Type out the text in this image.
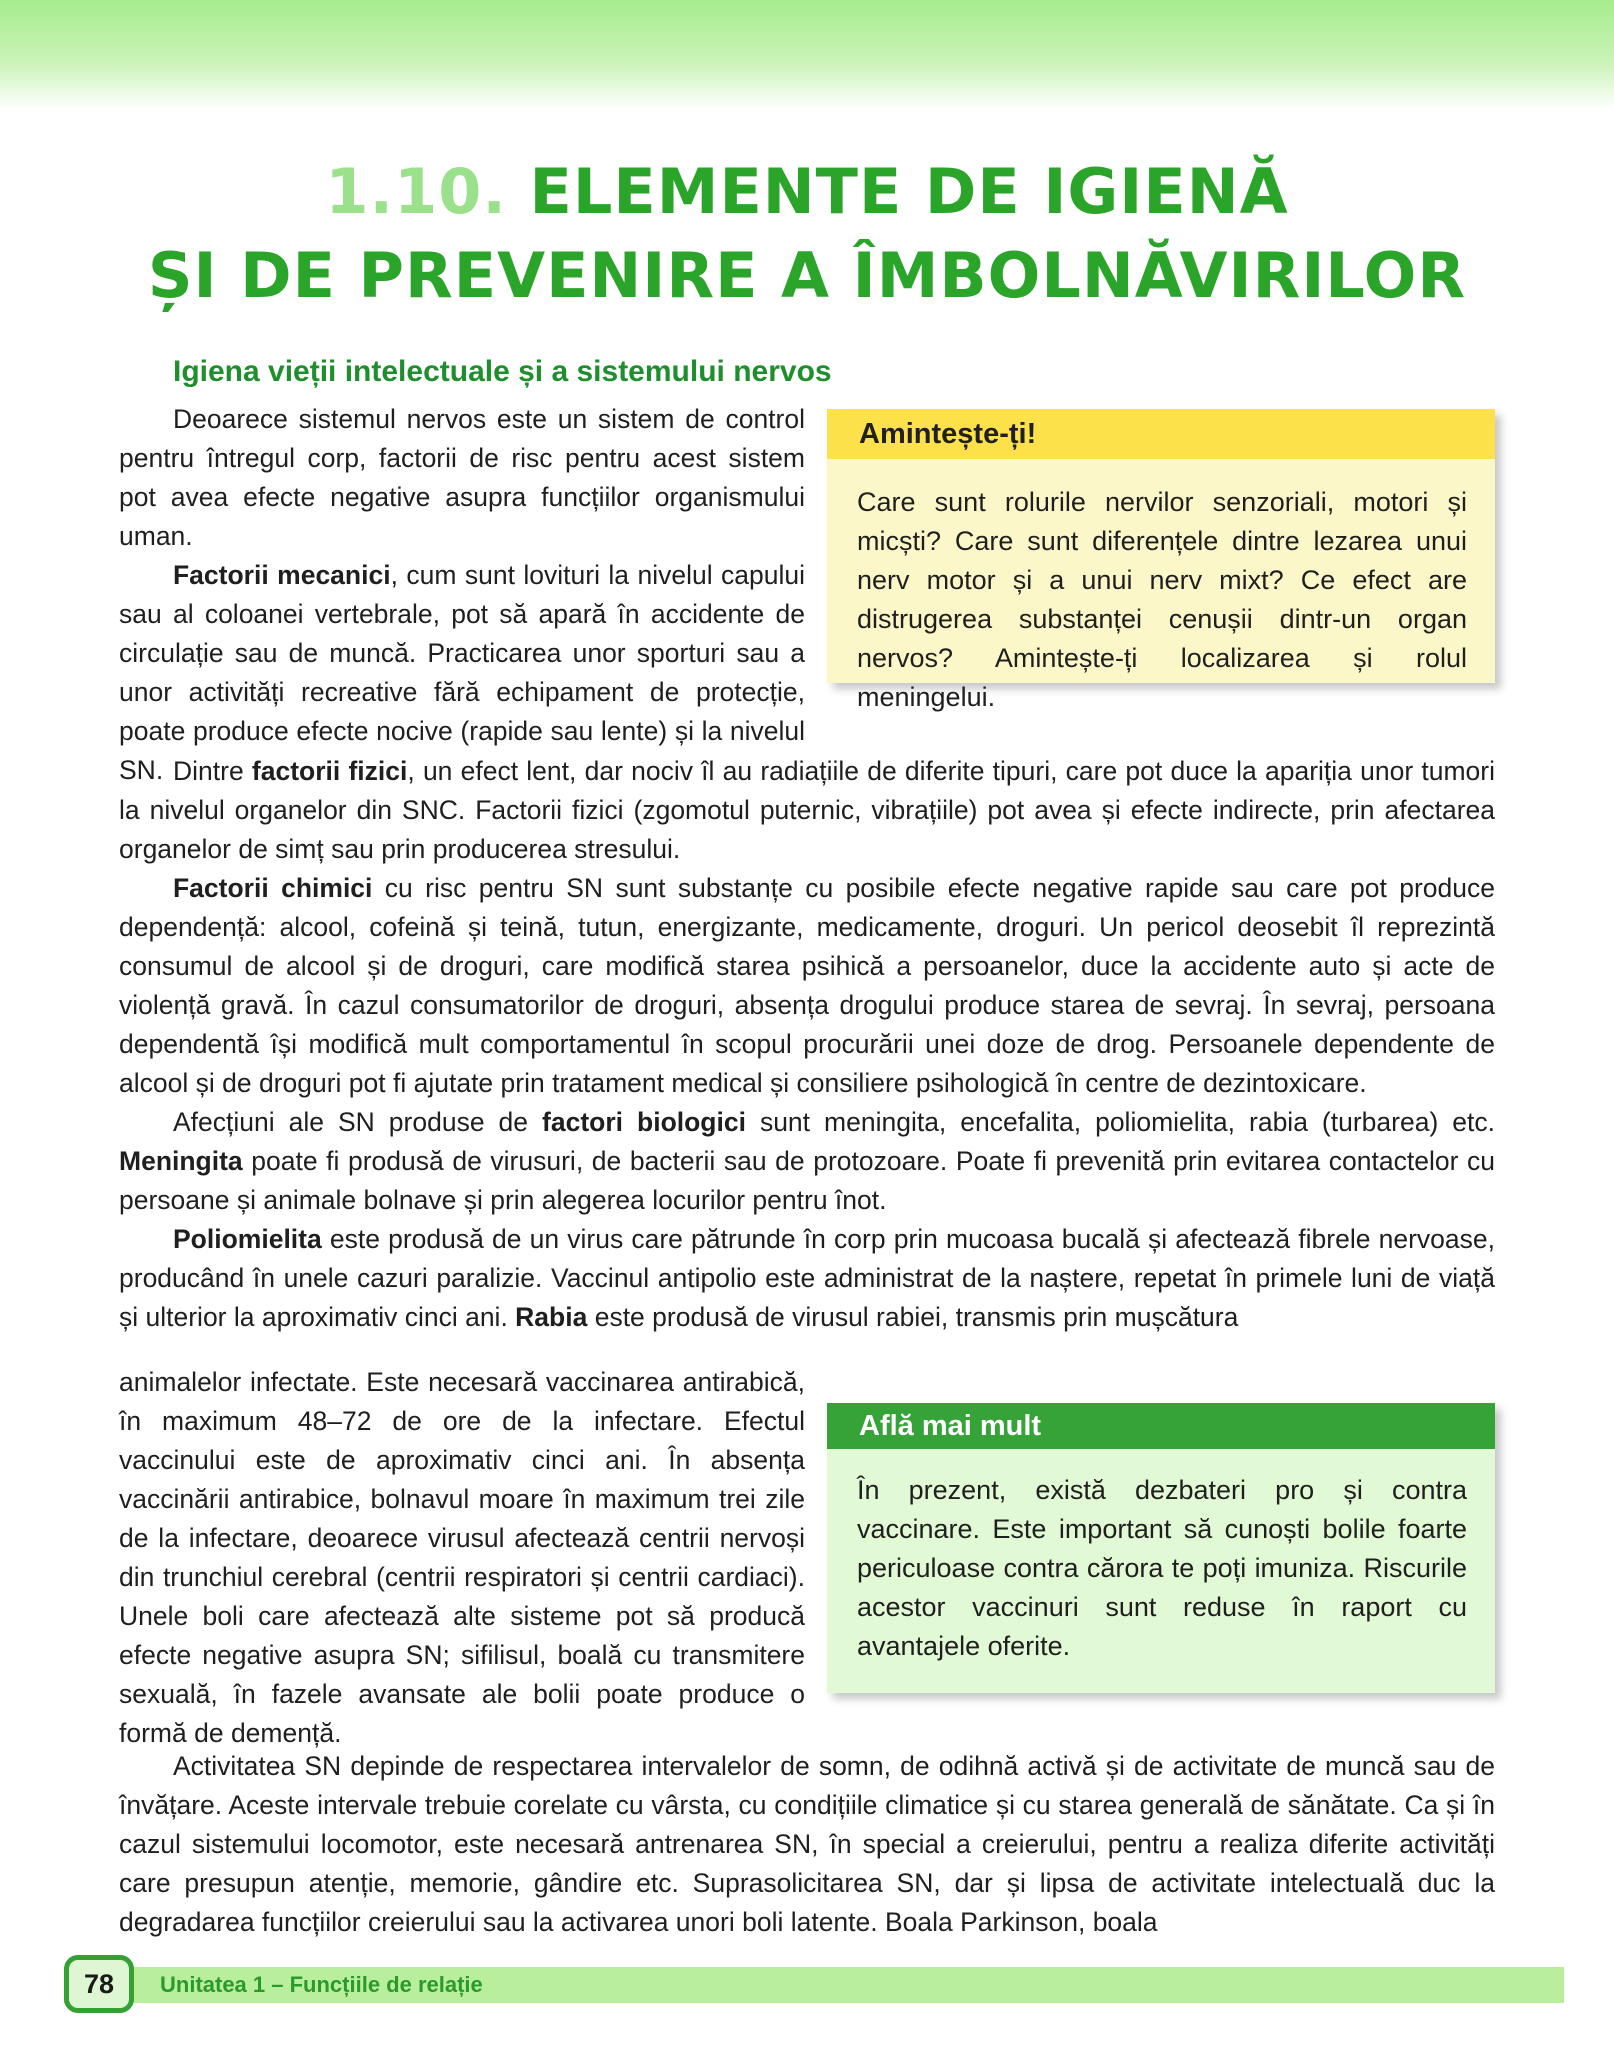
1.10. ELEMENTE DE IGIENĂ
ȘI DE PREVENIRE A ÎMBOLNĂVIRILOR
Igiena vieții intelectuale și a sistemului nervos

Deoarece sistemul nervos este un sistem de control pentru întregul corp, factorii de risc pentru acest sistem pot avea efecte negative asupra funcțiilor organismului uman.

Factorii mecanici, cum sunt lovituri la nivelul capului sau al coloanei vertebrale, pot să apară în accidente de circulație sau de muncă. Practicarea unor sporturi sau a unor activități recreative fără echipament de protecție, poate produce efecte nocive (rapide sau lente) și la nivelul SN.

Amintește-ți!
Care sunt rolurile nervilor senzoriali, motori și micști? Care sunt diferențele dintre lezarea unui nerv motor și a unui nerv mixt? Ce efect are distrugerea substanței cenușii dintr-un organ nervos? Amintește-ți localizarea și rolul meningelui.

Dintre factorii fizici, un efect lent, dar nociv îl au radiațiile de diferite tipuri, care pot duce la apariția unor tumori la nivelul organelor din SNC. Factorii fizici (zgomotul puternic, vibrațiile) pot avea și efecte indirecte, prin afectarea organelor de simț sau prin producerea stresului.

Factorii chimici cu risc pentru SN sunt substanțe cu posibile efecte negative rapide sau care pot produce dependență: alcool, cofeină și teină, tutun, energizante, medicamente, droguri. Un pericol deosebit îl reprezintă consumul de alcool și de droguri, care modifică starea psihică a persoanelor, duce la accidente auto și acte de violență gravă. În cazul consumatorilor de droguri, absența drogului produce starea de sevraj. În sevraj, persoana dependentă își modifică mult comportamentul în scopul procurării unei doze de drog. Persoanele dependente de alcool și de droguri pot fi ajutate prin tratament medical și consiliere psihologică în centre de dezintoxicare.

Afecțiuni ale SN produse de factori biologici sunt meningita, encefalita, poliomielita, rabia (turbarea) etc. Meningita poate fi produsă de virusuri, de bacterii sau de protozoare. Poate fi prevenită prin evitarea contactelor cu persoane și animale bolnave și prin alegerea locurilor pentru înot.

Poliomielita este produsă de un virus care pătrunde în corp prin mucoasa bucală și afectează fibrele nervoase, producând în unele cazuri paralizie. Vaccinul antipolio este administrat de la naștere, repetat în primele luni de viață și ulterior la aproximativ cinci ani. Rabia este produsă de virusul rabiei, transmis prin mușcătura

animalelor infectate. Este necesară vaccinarea antirabică, în maximum 48–72 de ore de la infectare. Efectul vaccinului este de aproximativ cinci ani. În absența vaccinării antirabice, bolnavul moare în maximum trei zile de la infectare, deoarece virusul afectează centrii nervoși din trunchiul cerebral (centrii respiratori și centrii cardiaci). Unele boli care afectează alte sisteme pot să producă efecte negative asupra SN; sifilisul, boală cu transmitere sexuală, în fazele avansate ale bolii poate produce o formă de demență.

Află mai mult
În prezent, există dezbateri pro și contra vaccinare. Este important să cunoști bolile foarte periculoase contra cărora te poți imuniza. Riscurile acestor vaccinuri sunt reduse în raport cu avantajele oferite.

Activitatea SN depinde de respectarea intervalelor de somn, de odihnă activă și de activitate de muncă sau de învățare. Aceste intervale trebuie corelate cu vârsta, cu condițiile climatice și cu starea generală de sănătate. Ca și în cazul sistemului locomotor, este necesară antrenarea SN, în special a creierului, pentru a realiza diferite activități care presupun atenție, memorie, gândire etc. Suprasolicitarea SN, dar și lipsa de activitate intelectuală duc la degradarea funcțiilor creierului sau la activarea unori boli latente. Boala Parkinson, boala

78	Unitatea 1 – Funcțiile de relație
